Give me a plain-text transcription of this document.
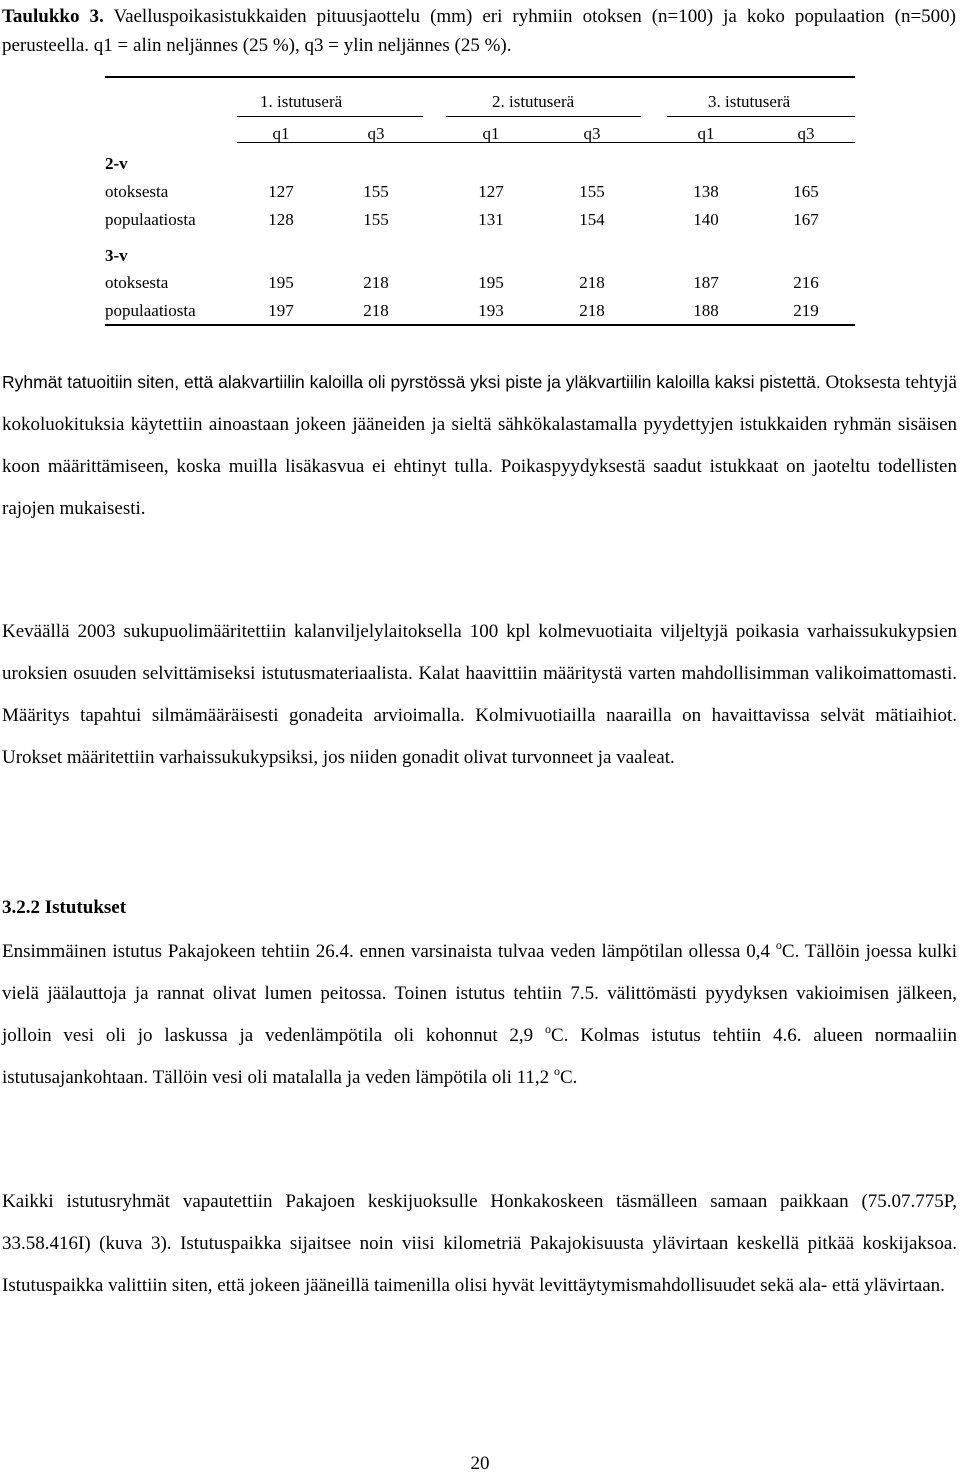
Taulukko 3. Vaelluspoikasistukkaiden pituusjaottelu (mm) eri ryhmiin otoksen (n=100) ja koko populaation (n=500) perusteella. q1 = alin neljännes (25 %), q3 = ylin neljännes (25 %).
1. istutuserä	2. istutuserä	3. istutuserä
q1	q3	q1	q3	q1	q3
2-v
otoksesta	127	155	127	155	138	165
populaatiosta	128	155	131	154	140	167
3-v
otoksesta	195	218	195	218	187	216
populaatiosta	197	218	193	218	188	219
Ryhmät tatuoitiin siten, että alakvartiilin kaloilla oli pyrstössä yksi piste ja yläkvartiilin kaloilla kaksi pistettä. Otoksesta tehtyjä kokoluokituksia käytettiin ainoastaan jokeen jääneiden ja sieltä sähkökalastamalla pyydettyjen istukkaiden ryhmän sisäisen koon määrittämiseen, koska muilla lisäkasvua ei ehtinyt tulla. Poikaspyydyksestä saadut istukkaat on jaoteltu todellisten rajojen mukaisesti.
Keväällä 2003 sukupuolimääritettiin kalanviljelylaitoksella 100 kpl kolmevuotiaita viljeltyjä poikasia varhaissukukypsien uroksien osuuden selvittämiseksi istutusmateriaalista. Kalat haavittiin määritystä varten mahdollisimman valikoimattomasti. Määritys tapahtui silmämääräisesti gonadeita arvioimalla. Kolmivuotiailla naarailla on havaittavissa selvät mätiaihiot. Urokset määritettiin varhaissukukypsiksi, jos niiden gonadit olivat turvonneet ja vaaleat.
3.2.2 Istutukset
Ensimmäinen istutus Pakajokeen tehtiin 26.4. ennen varsinaista tulvaa veden lämpötilan ollessa 0,4 $^o$C. Tällöin joessa kulki vielä jäälauttoja ja rannat olivat lumen peitossa. Toinen istutus tehtiin 7.5. välittömästi pyydyksen vakioimisen jälkeen, jolloin vesi oli jo laskussa ja vedenlämpötila oli kohonnut 2,9 $^o$C. Kolmas istutus tehtiin 4.6. alueen normaaliin istutusajankohtaan. Tällöin vesi oli matalalla ja veden lämpötila oli 11,2 $^o$C.
Kaikki istutusryhmät vapautettiin Pakajoen keskijuoksulle Honkakoskeen täsmälleen samaan paikkaan (75.07.775P, 33.58.416I) (kuva 3). Istutuspaikka sijaitsee noin viisi kilometriä Pakajokisuusta ylävirtaan keskellä pitkää koskijaksoa. Istutuspaikka valittiin siten, että jokeen jääneillä taimenilla olisi hyvät levittäytymismahdollisuudet sekä ala- että ylävirtaan.
20
